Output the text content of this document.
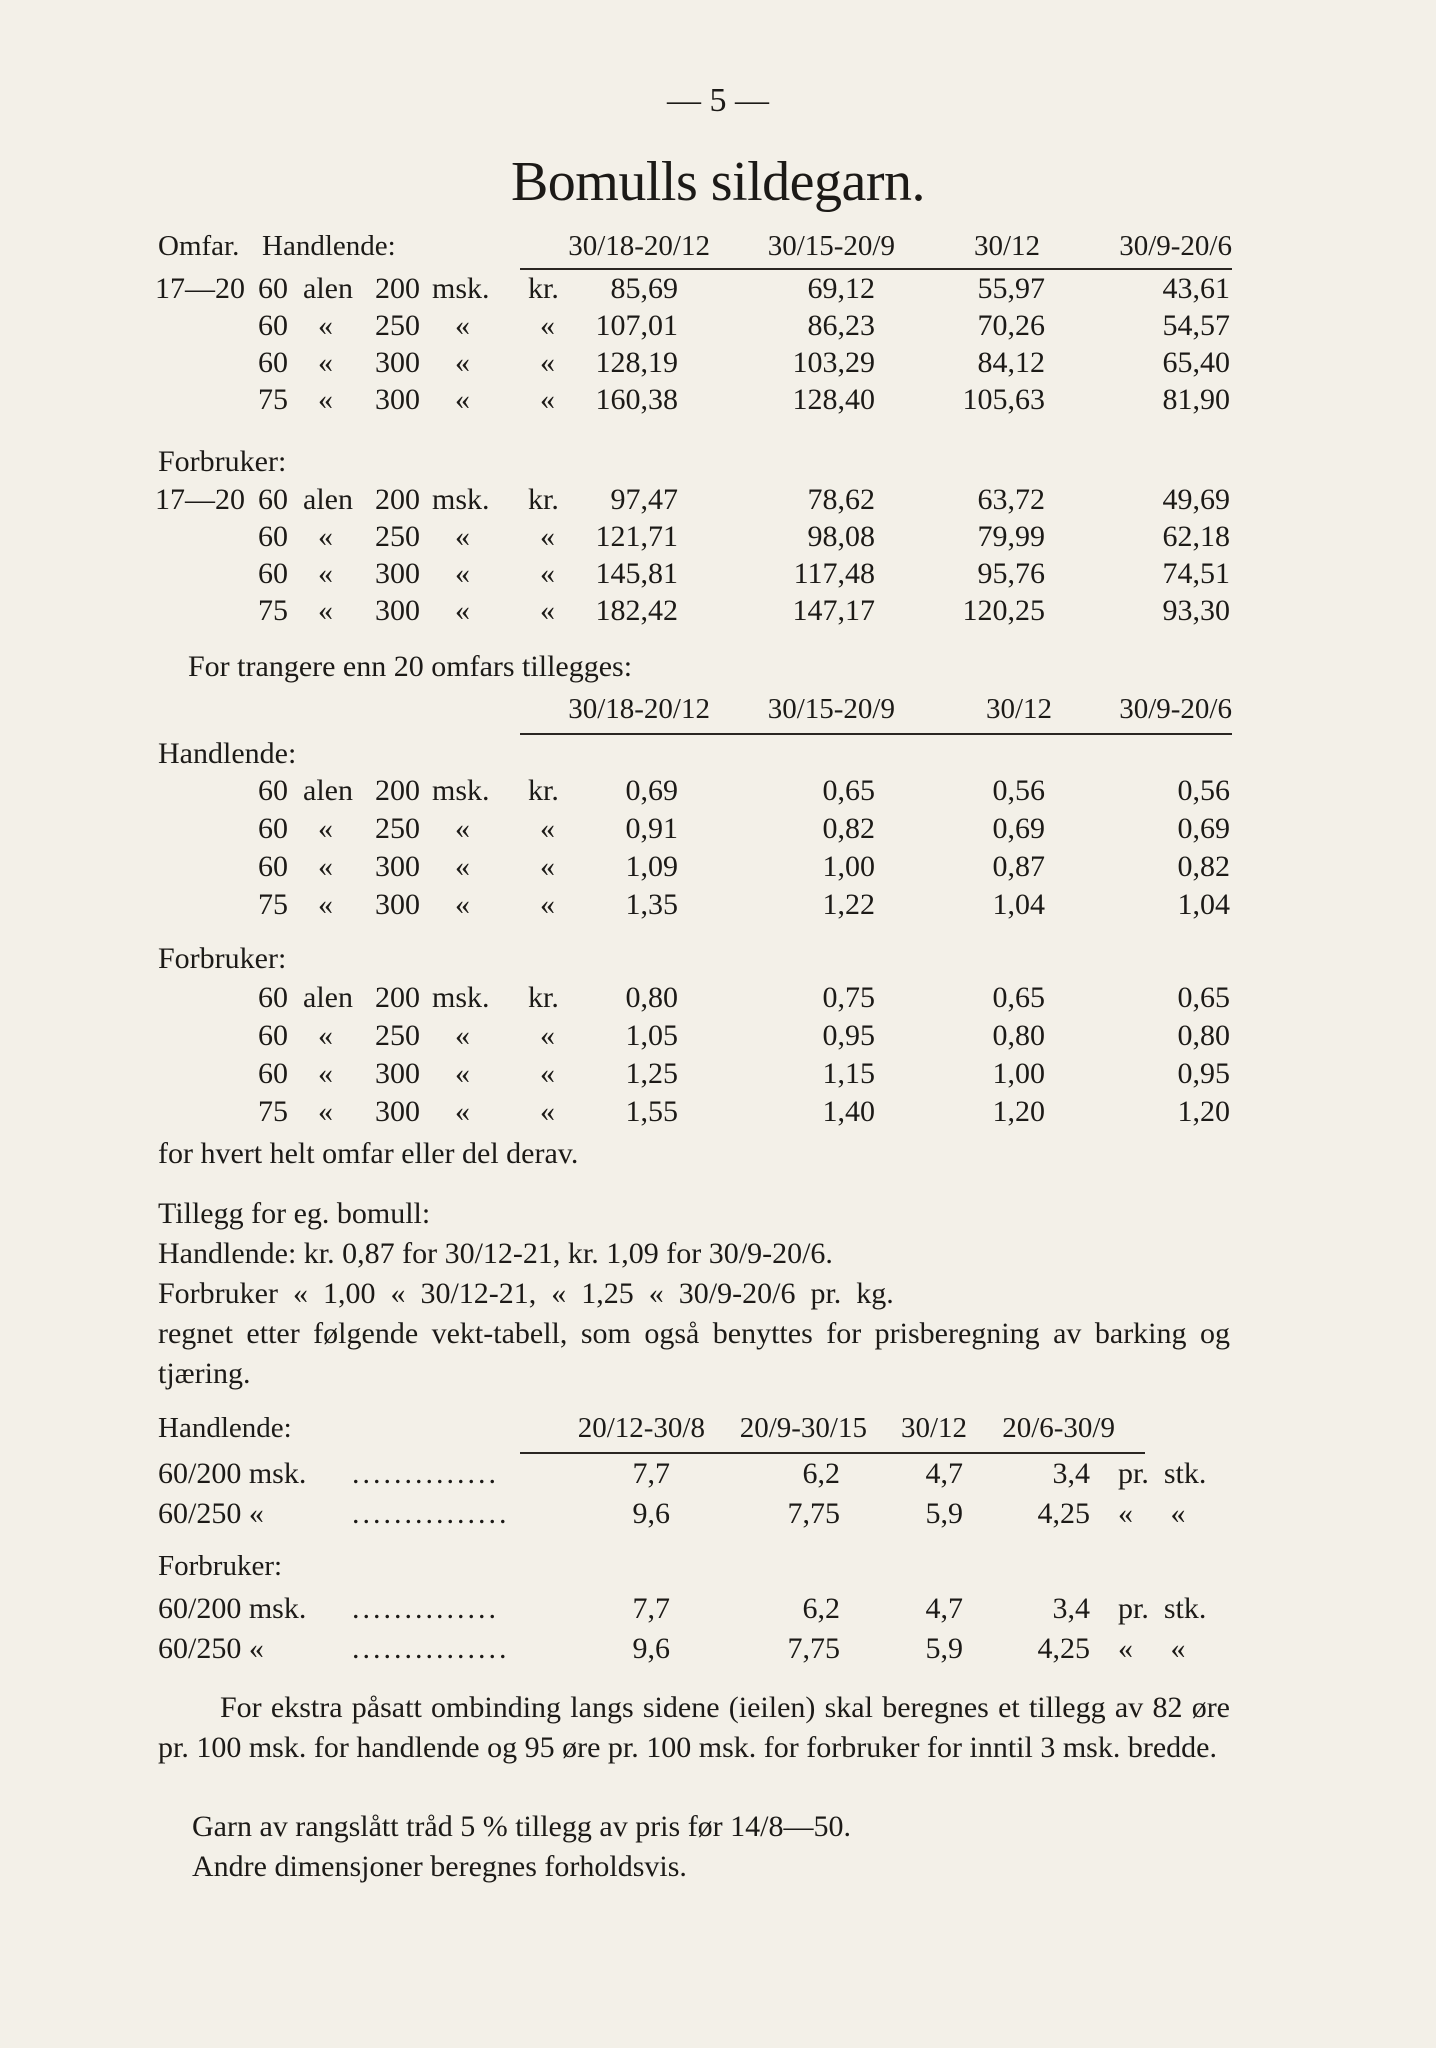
— 5 —
Bomulls sildegarn.
Omfar. Handlende:	30/18-20/12	30/15-20/9	30/12	30/9-20/6
17—20 60 alen 200 msk. kr.	85,69	69,12	55,97	43,61
60 « 250 « «	107,01	86,23	70,26	54,57
60 « 300 « «	128,19	103,29	84,12	65,40
75 « 300 « «	160,38	128,40	105,63	81,90
Forbruker:
17—20 60 alen 200 msk. kr.	97,47	78,62	63,72	49,69
60 « 250 « «	121,71	98,08	79,99	62,18
60 « 300 « «	145,81	117,48	95,76	74,51
75 « 300 « «	182,42	147,17	120,25	93,30
For trangere enn 20 omfars tillegges:
30/18-20/12	30/15-20/9	30/12	30/9-20/6
Handlende:
60 alen 200 msk. kr.	0,69	0,65	0,56	0,56
60 « 250 « «	0,91	0,82	0,69	0,69
60 « 300 « «	1,09	1,00	0,87	0,82
75 « 300 « «	1,35	1,22	1,04	1,04
Forbruker:
60 alen 200 msk. kr.	0,80	0,75	0,65	0,65
60 « 250 « «	1,05	0,95	0,80	0,80
60 « 300 « «	1,25	1,15	1,00	0,95
75 « 300 « «	1,55	1,40	1,20	1,20
for hvert helt omfar eller del derav.
Tillegg for eg. bomull:
Handlende: kr. 0,87 for 30/12-21, kr. 1,09 for 30/9-20/6.
Forbruker  «  1,00  «  30/12-21,  «  1,25  «  30/9-20/6  pr.  kg.
regnet etter følgende vekt-tabell, som også benyttes for prisberegning av barking og tjæring.
Handlende:	20/12-30/8	20/9-30/15	30/12	20/6-30/9
60/200 msk. ..............	7,7	6,2	4,7	3,4 pr.  stk.
60/250 «	...............	9,6	7,75	5,9	4,25 «     «
Forbruker:
60/200 msk. ..............	7,7	6,2	4,7	3,4 pr.  stk.
60/250 «	...............	9,6	7,75	5,9	4,25 «     «
For ekstra påsatt ombinding langs sidene (ieilen) skal beregnes et tillegg av 82 øre pr. 100 msk. for handlende og 95 øre pr. 100 msk. for forbruker for inntil 3 msk. bredde.
Garn av rangslått tråd 5 % tillegg av pris før 14/8—50.
Andre dimensjoner beregnes forholdsvis.
